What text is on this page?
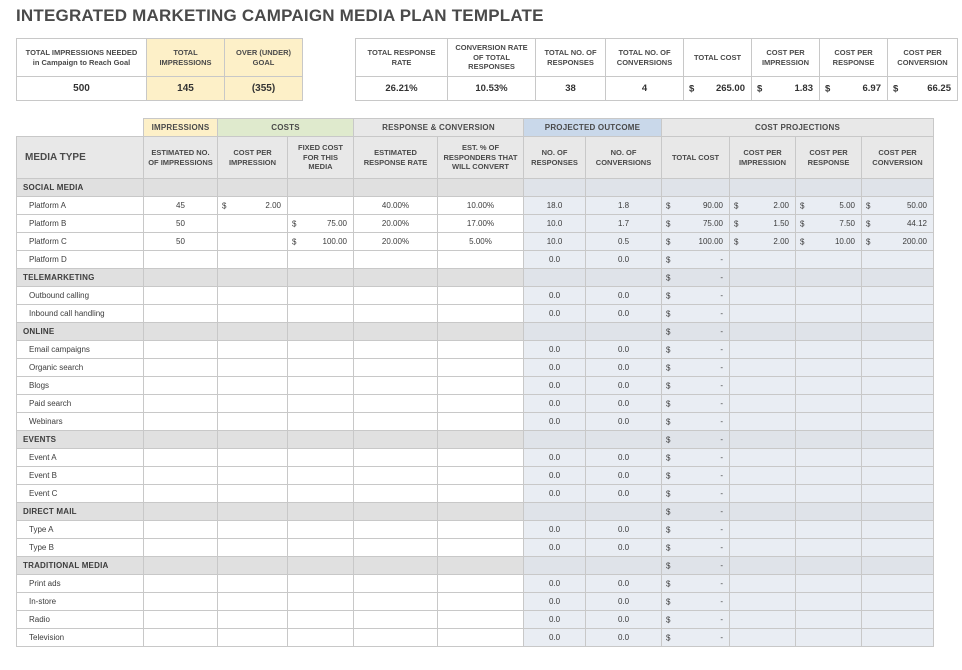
INTEGRATED MARKETING CAMPAIGN MEDIA PLAN TEMPLATE
TOTAL IMPRESSIONS NEEDED
in Campaign to Reach Goal	TOTAL IMPRESSIONS	OVER (UNDER) GOAL

500	145	(355)
TOTAL RESPONSE RATE	CONVERSION RATE OF TOTAL RESPONSES	TOTAL NO. OF RESPONSES	TOTAL NO. OF CONVERSIONS	TOTAL COST	COST PER IMPRESSION	COST PER RESPONSE	COST PER CONVERSION
26.21%	10.53%	38	4	$ 265.00	$ 1.83	$ 6.97	$ 66.25
	IMPRESSIONS	COSTS		RESPONSE & CONVERSION		PROJECTED OUTCOME		COST PROJECTIONS			
MEDIA TYPE	ESTIMATED NO. OF IMPRESSIONS	COST PER IMPRESSION	FIXED COST FOR THIS MEDIA	ESTIMATED RESPONSE RATE	EST. % OF RESPONDERS THAT WILL CONVERT	NO. OF RESPONSES	NO. OF CONVERSIONS	TOTAL COST	COST PER IMPRESSION	COST PER RESPONSE	COST PER CONVERSION
SOCIAL MEDIA											
Platform A	45	$ 2.00		40.00%	10.00%	18.0	1.8	$ 90.00	$ 2.00	$ 5.00	$ 50.00
Platform B	50		$ 75.00	20.00%	17.00%	10.0	1.7	$ 75.00	$ 1.50	$ 7.50	$ 44.12
Platform C	50		$ 100.00	20.00%	5.00%	10.0	0.5	$ 100.00	$ 2.00	$ 10.00	$ 200.00
Platform D						0.0	0.0	$ -			
TELEMARKETING								$ -			
Outbound calling						0.0	0.0	$ -			
Inbound call handling						0.0	0.0	$ -			
ONLINE								$ -			
Email campaigns						0.0	0.0	$ -			
Organic search						0.0	0.0	$ -			
Blogs						0.0	0.0	$ -			
Paid search						0.0	0.0	$ -			
Webinars						0.0	0.0	$ -			
EVENTS								$ -			
Event A						0.0	0.0	$ -			
Event B						0.0	0.0	$ -			
Event C						0.0	0.0	$ -			
DIRECT MAIL								$ -			
Type A						0.0	0.0	$ -			
Type B						0.0	0.0	$ -			
TRADITIONAL MEDIA								$ -			
Print ads						0.0	0.0	$ -			
In-store						0.0	0.0	$ -			
Radio						0.0	0.0	$ -			
Television						0.0	0.0	$ -			
